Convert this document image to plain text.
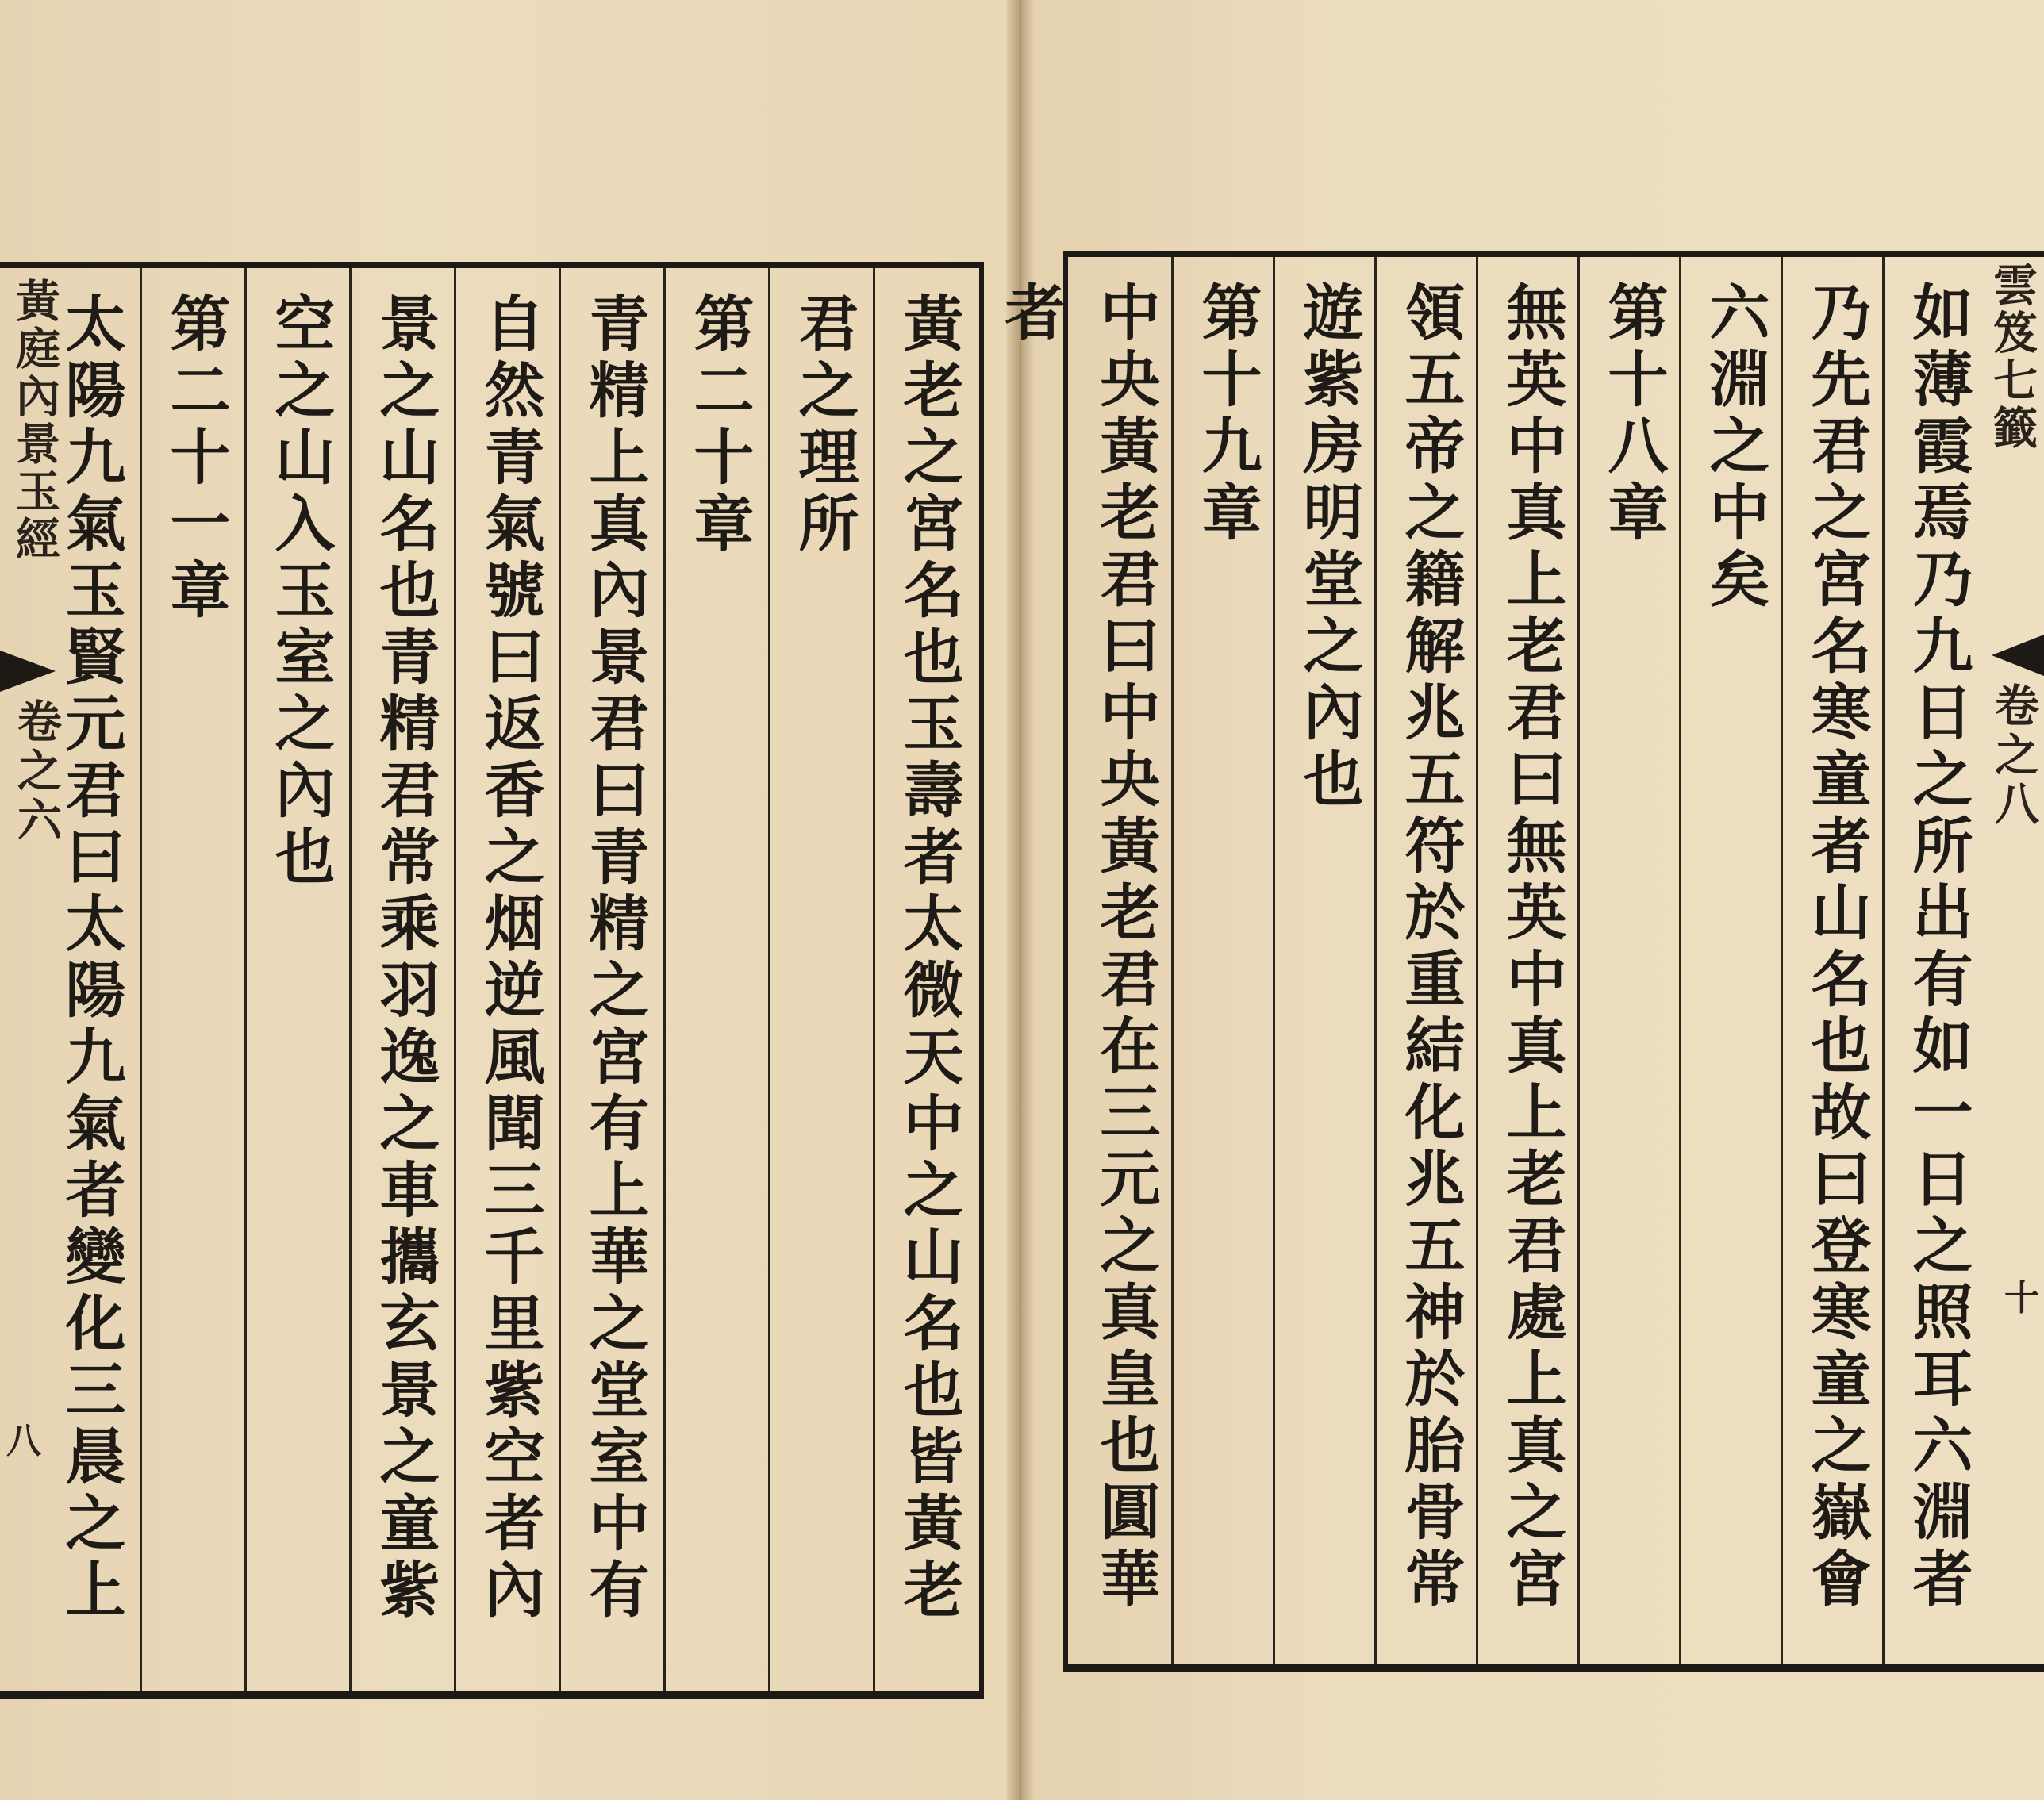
黃老之宮名也玉壽者太微天中之山名也皆黃老
君之理所
第二十章
青精上真內景君曰青精之宮有上華之堂室中有
自然青氣號曰返香之烟逆風聞三千里紫空者內
景之山名也青精君常乘羽逸之車攜玄景之童紫
空之山入玉室之內也
第二十一章
太陽九氣玉賢元君曰太陽九氣者變化三晨之上
黃庭內景玉經
卷之六
八	如薄霞焉乃九日之所出有如一日之照耳六淵者
乃先君之宮名寒童者山名也故曰登寒童之嶽會
六淵之中矣
第十八章
無英中真上老君曰無英中真上老君處上真之宮
領五帝之籍解兆五符於重結化兆五神於胎骨常
遊紫房明堂之內也
第十九章
中央黃老君曰中央黃老君在三元之真皇也圓華者	雲笈七籤
卷之八
十
